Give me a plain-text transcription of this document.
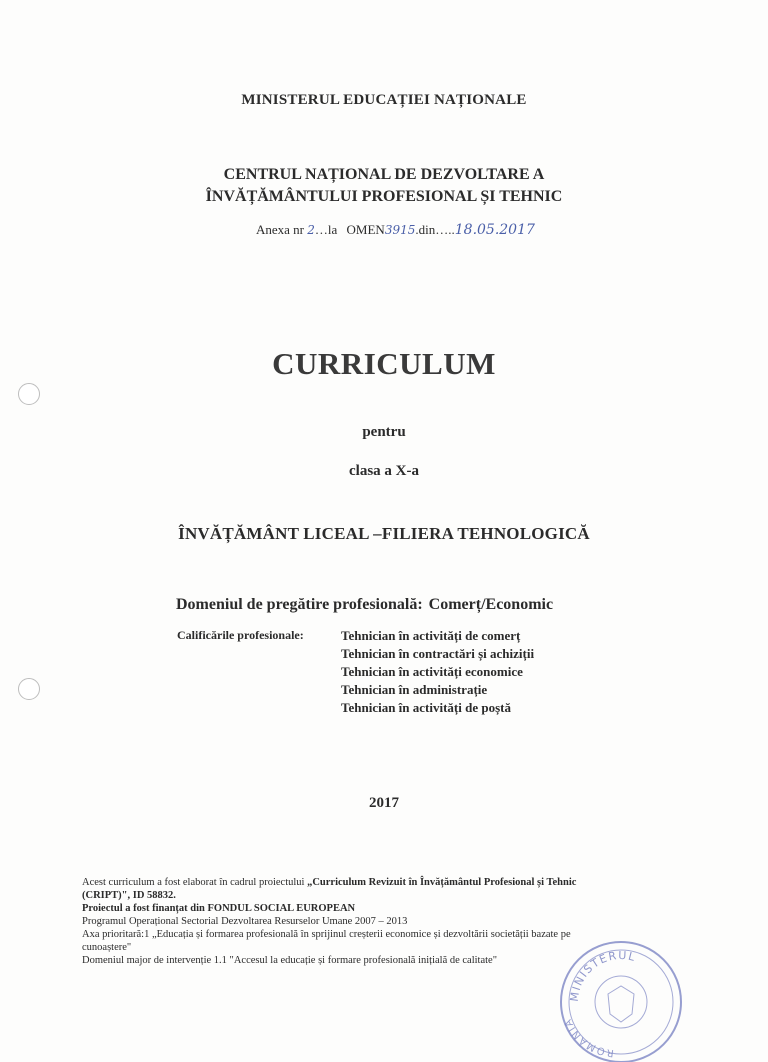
MINISTERUL EDUCAȚIEI NAȚIONALE
CENTRUL NAȚIONAL DE DEZVOLTARE A
ÎNVĂȚĂMÂNTULUI PROFESIONAL ȘI TEHNIC
Anexa nr 2…la OMEN3915.din…..18.05.2017
CURRICULUM
pentru
clasa a X-a
ÎNVĂȚĂMÂNT LICEAL –FILIERA TEHNOLOGICĂ
Domeniul de pregătire profesională: Comerț/Economic
Calificările profesionale:	Tehnician în activități de comerț
Tehnician în contractări și achiziții
Tehnician în activități economice
Tehnician în administrație
Tehnician în activități de poștă
2017
Acest curriculum a fost elaborat în cadrul proiectului „Curriculum Revizuit în Învățământul Profesional și Tehnic
(CRIPT)", ID 58832.
Proiectul a fost finanțat din FONDUL SOCIAL EUROPEAN
Programul Operațional Sectorial Dezvoltarea Resurselor Umane 2007 – 2013
Axa prioritară:1 „Educația și formarea profesională în sprijinul creșterii economice și dezvoltării societății bazate pe
cunoaștere"
Domeniul major de intervenție 1.1 "Accesul la educație și formare profesională inițială de calitate"
MINISTERUL
ROMÂNIA
